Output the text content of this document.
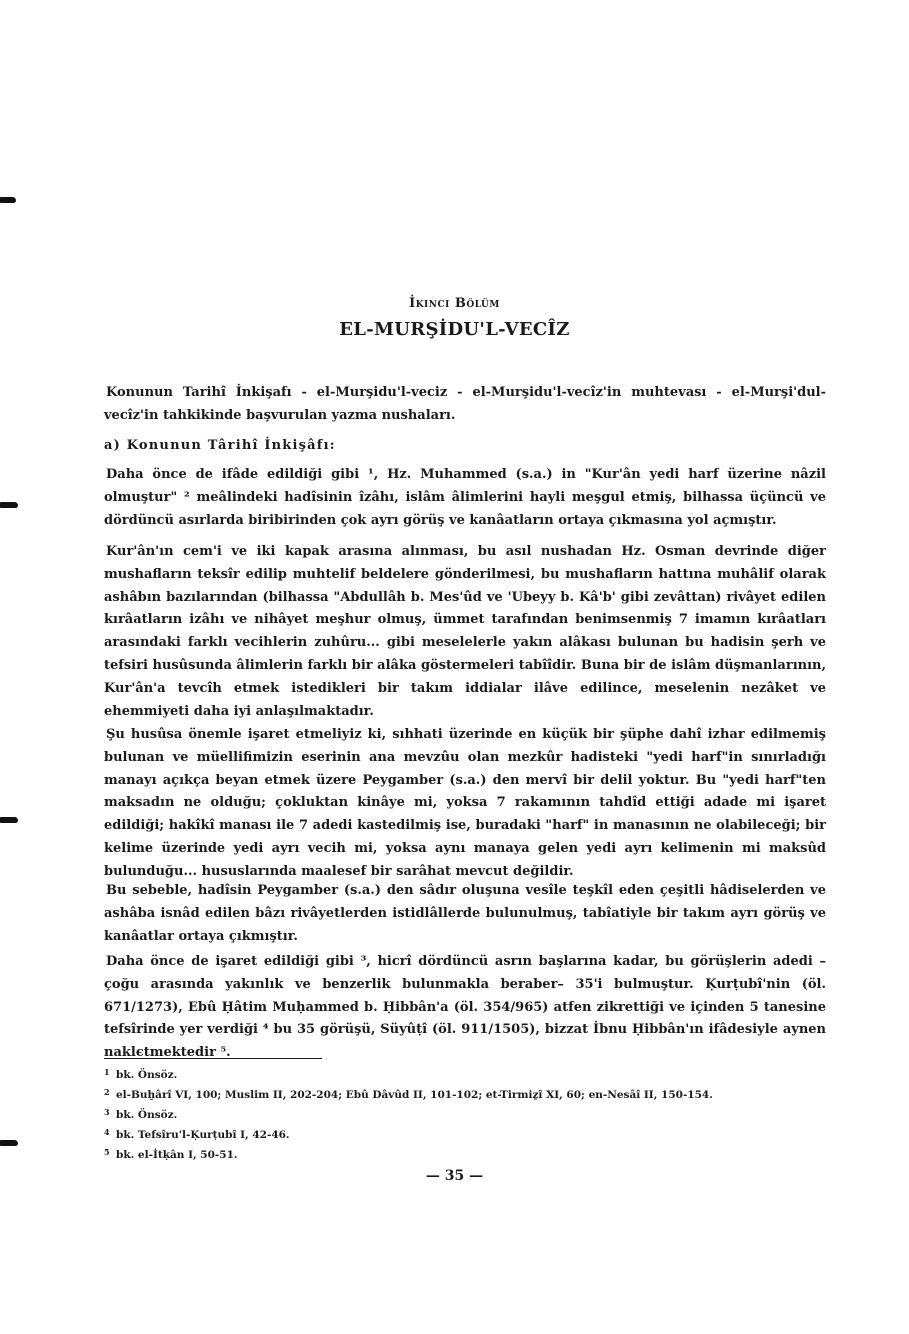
İkinci Bölüm
EL-MURŞİDU'L-VECÎZ

Konunun Tarihî İnkişafı - el-Murşidu'l-veciz - el-Murşidu'l-vecîz'in muhtevası - el-Murşi'dul-vecîz'in tahkikinde başvurulan yazma nushaları.

a) Konunun Târihî İnkişâfı:

Daha önce de ifâde edildiği gibi ¹, Hz. Muhammed (s.a.) in "Kur'ân yedi harf üzerine nâzil olmuştur" ² meâlindeki hadîsinin îzâhı, islâm âlimlerini hayli meşgul etmiş, bilhassa üçüncü ve dördüncü asırlarda biribirinden çok ayrı görüş ve kanâatların ortaya çıkmasına yol açmıştır.

Kur'ân'ın cem'i ve iki kapak arasına alınması, bu asıl nushadan Hz. Osman devrinde diğer mushafların teksîr edilip muhtelif beldelere gönderilmesi, bu mushafların hattına muhâlif olarak ashâbın bazılarından (bilhassa "Abdullâh b. Mes'ûd ve 'Ubeyy b. Kâ'b' gibi zevâttan) rivâyet edilen kırâatların izâhı ve nihâyet meşhur olmuş, ümmet tarafından benimsenmiş 7 imamın kırâatları arasındaki farklı vecihlerin zuhûru... gibi meselelerle yakın alâkası bulunan bu hadisin şerh ve tefsiri husûsunda âlimlerin farklı bir alâka göstermeleri tabîîdir. Buna bir de islâm düşmanlarının, Kur'ân'a tevcîh etmek istedikleri bir takım iddialar ilâve edilince, meselenin nezâket ve ehemmiyeti daha iyi anlaşılmaktadır.

Şu husûsa önemle işaret etmeliyiz ki, sıhhati üzerinde en küçük bir şüphe dahî izhar edilmemiş bulunan ve müellifimizin eserinin ana mevzûu olan mezkûr hadisteki "yedi harf"in sınırladığı manayı açıkça beyan etmek üzere Peygamber (s.a.) den mervî bir delil yoktur. Bu "yedi harf"ten maksadın ne olduğu; çokluktan kinâye mi, yoksa 7 rakamının tahdîd ettiği adade mi işaret edildiği; hakîkî manası ile 7 adedi kastedilmiş ise, buradaki "harf" in manasının ne olabileceği; bir kelime üzerinde yedi ayrı vecih mi, yoksa aynı manaya gelen yedi ayrı kelimenin mi maksûd bulunduğu... hususlarında maalesef bir sarâhat mevcut değildir.

Bu sebeble, hadîsin Peygamber (s.a.) den sâdır oluşuna vesîle teşkîl eden çeşitli hâdiselerden ve ashâba isnâd edilen bâzı rivâyetlerden istidlâllerde bulunulmuş, tabîatiyle bir takım ayrı görüş ve kanâatlar ortaya çıkmıştır.

Daha önce de işaret edildiği gibi ³, hicrî dördüncü asrın başlarına kadar, bu görüşlerin adedi –çoğu arasında yakınlık ve benzerlik bulunmakla beraber– 35'i bulmuştur. Ḳurṭubî'nin (öl. 671/1273), Ebû Ḥâtim Muḥammed b. Ḥibbân'a (öl. 354/965) atfen zikrettiği ve içinden 5 tanesine tefsîrinde yer verdiği ⁴ bu 35 görüşü, Süyûṭî (öl. 911/1505), bizzat İbnu Ḥibbân'ın ifâdesiyle aynen naklєtmektedir ⁵.

1 bk. Önsöz.
2 el-Buḫârî VI, 100; Muslim II, 202-204; Ebû Dâvûd II, 101-102; et-Tirmiẕî XI, 60; en-Nesâî II, 150-154.
3 bk. Önsöz.
4 bk. Tefsîru'l-Ḳurṭubî I, 42-46.
5 bk. el-İtḳân I, 50-51.
— 35 —
